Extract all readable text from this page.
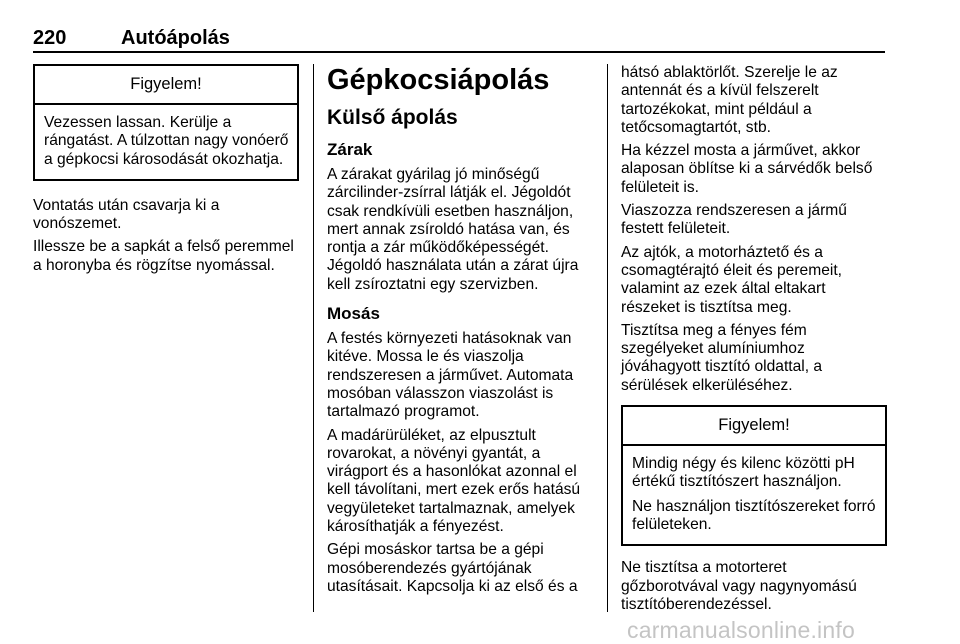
220	Autóápolás
Figyelem!

Vezessen lassan. Kerülje a rángatást. A túlzottan nagy vonóerő a gépkocsi károsodását okozhatja.

Vontatás után csavarja ki a vonószemet.

Illessze be a sapkát a felső peremmel a horonyba és rögzítse nyomással.

Gépkocsiápolás
Külső ápolás
Zárak

A zárakat gyárilag jó minőségű zárcilinder-zsírral látják el. Jégoldót csak rendkívüli esetben használjon, mert annak zsíroldó hatása van, és rontja a zár működőképességét. Jégoldó használata után a zárat újra kell zsíroztatni egy szervizben.

Mosás

A festés környezeti hatásoknak van kitéve. Mossa le és viaszolja rendszeresen a járművet. Automata mosóban válasszon viaszolást is tartalmazó programot.

A madárürüléket, az elpusztult rovarokat, a növényi gyantát, a virágport és a hasonlókat azonnal el kell távolítani, mert ezek erős hatású vegyületeket tartalmaznak, amelyek károsíthatják a fényezést.

Gépi mosáskor tartsa be a gépi mosóberendezés gyártójának utasításait. Kapcsolja ki az első és a

hátsó ablaktörlőt. Szerelje le az antennát és a kívül felszerelt tartozékokat, mint például a tetőcsomagtartót, stb.

Ha kézzel mosta a járművet, akkor alaposan öblítse ki a sárvédők belső felületeit is.

Viaszozza rendszeresen a jármű festett felületeit.

Az ajtók, a motorháztető és a csomagtérajtó éleit és peremeit, valamint az ezek által eltakart részeket is tisztítsa meg.

Tisztítsa meg a fényes fém szegélyeket alumíniumhoz jóváhagyott tisztító oldattal, a sérülések elkerüléséhez.

Figyelem!

Mindig négy és kilenc közötti pH értékű tisztítószert használjon.

Ne használjon tisztítószereket forró felületeken.

Ne tisztítsa a motorteret gőzborotvával vagy nagynyomású tisztítóberendezéssel.

carmanualsonline.info
